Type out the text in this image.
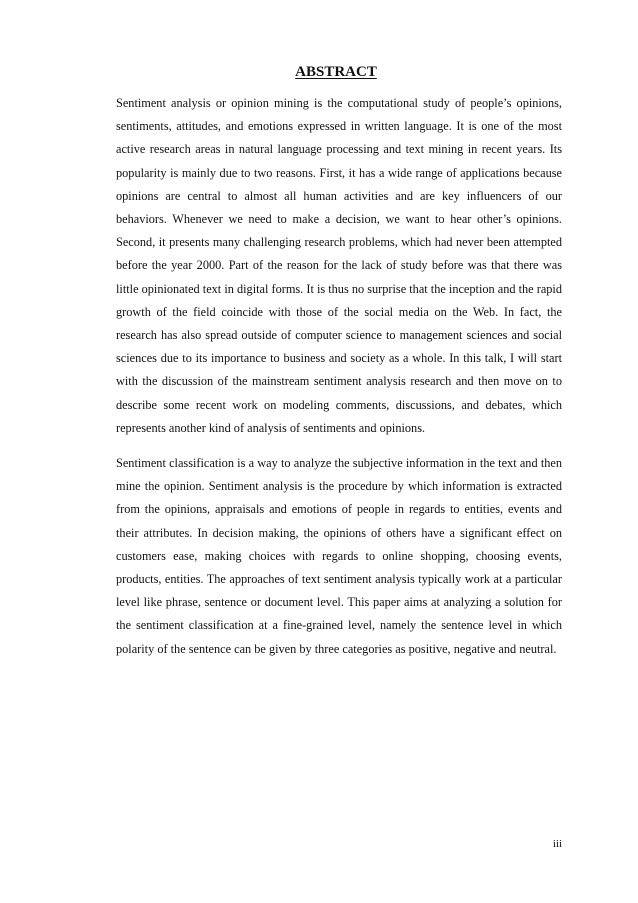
ABSTRACT

Sentiment analysis or opinion mining is the computational study of people’s opinions, sentiments, attitudes, and emotions expressed in written language. It is one of the most active research areas in natural language processing and text mining in recent years. Its popularity is mainly due to two reasons. First, it has a wide range of applications because opinions are central to almost all human activities and are key influencers of our behaviors. Whenever we need to make a decision, we want to hear other’s opinions. Second, it presents many challenging research problems, which had never been attempted before the year 2000. Part of the reason for the lack of study before was that there was little opinionated text in digital forms. It is thus no surprise that the inception and the rapid growth of the field coincide with those of the social media on the Web. In fact, the research has also spread outside of computer science to management sciences and social sciences due to its importance to business and society as a whole. In this talk, I will start with the discussion of the mainstream sentiment analysis research and then move on to describe some recent work on modeling comments, discussions, and debates, which represents another kind of analysis of sentiments and opinions.

Sentiment classification is a way to analyze the subjective information in the text and then mine the opinion. Sentiment analysis is the procedure by which information is extracted from the opinions, appraisals and emotions of people in regards to entities, events and their attributes. In decision making, the opinions of others have a significant effect on customers ease, making choices with regards to online shopping, choosing events, products, entities. The approaches of text sentiment analysis typically work at a particular level like phrase, sentence or document level. This paper aims at analyzing a solution for the sentiment classification at a fine-grained level, namely the sentence level in which polarity of the sentence can be given by three categories as positive, negative and neutral.

iii
